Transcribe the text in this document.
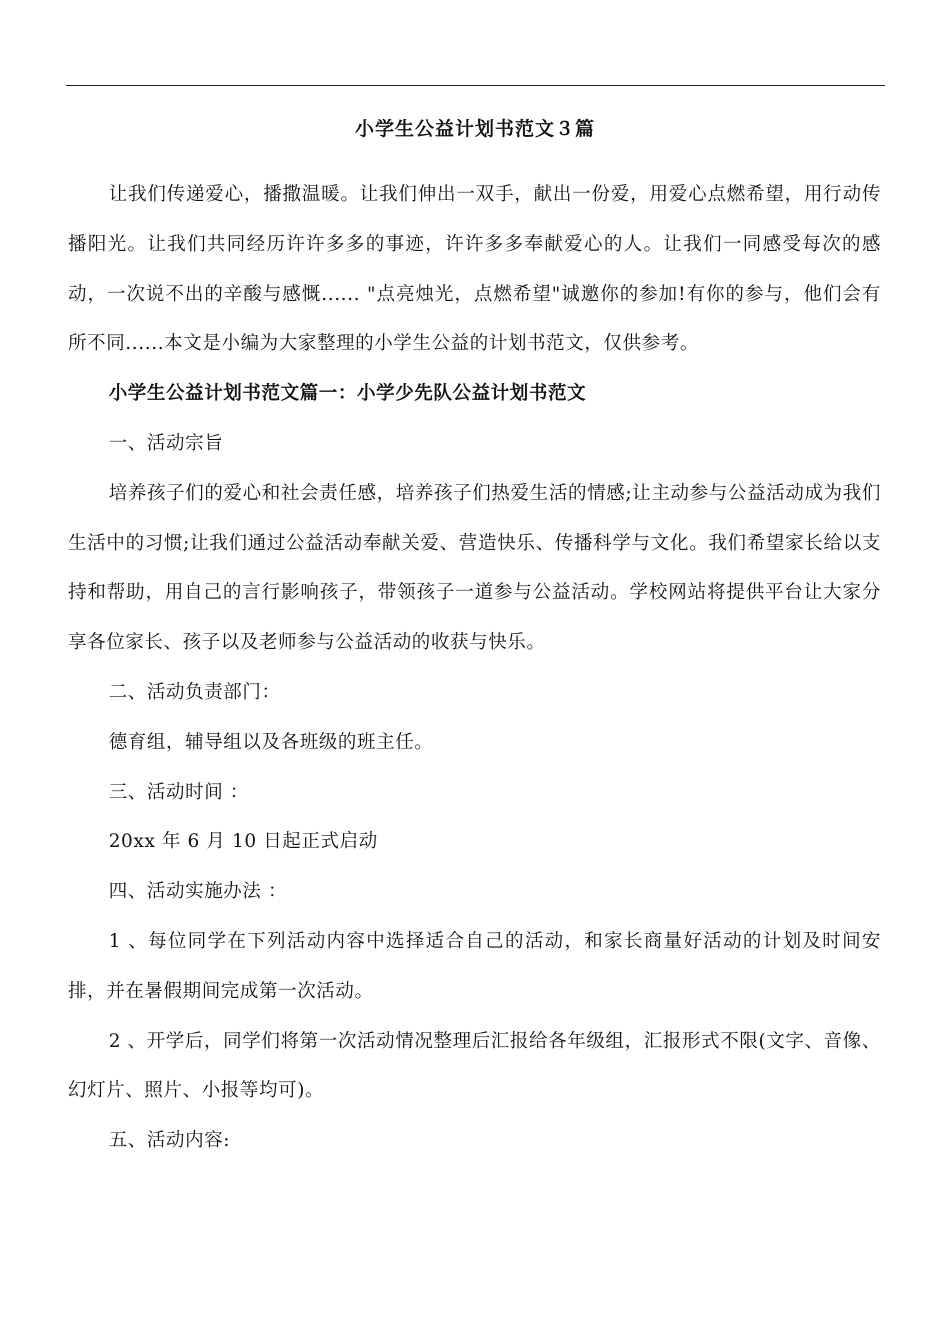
小学生公益计划书范文３篇

让我们传递爱心，播撒温暖。让我们伸出一双手，献出一份爱，用爱心点燃希望，用行动传播阳光。让我们共同经历许许多多的事迹，许许多多奉献爱心的人。让我们一同感受每次的感动，一次说不出的辛酸与感慨...... "点亮烛光，点燃希望"诚邀你的参加!有你的参与，他们会有所不同......本文是小编为大家整理的小学生公益的计划书范文，仅供参考。

小学生公益计划书范文篇一：小学少先队公益计划书范文

一、活动宗旨

培养孩子们的爱心和社会责任感，培养孩子们热爱生活的情感;让主动参与公益活动成为我们生活中的习惯;让我们通过公益活动奉献关爱、营造快乐、传播科学与文化。我们希望家长给以支持和帮助，用自己的言行影响孩子，带领孩子一道参与公益活动。学校网站将提供平台让大家分享各位家长、孩子以及老师参与公益活动的收获与快乐。

二、活动负责部门：

德育组，辅导组以及各班级的班主任。

三、活动时间 ：

20xx 年 6 月 10 日起正式启动

四、活动实施办法 ：

1 、每位同学在下列活动内容中选择适合自己的活动，和家长商量好活动的计划及时间安排，并在暑假期间完成第一次活动。

2 、开学后，同学们将第一次活动情况整理后汇报给各年级组，汇报形式不限(文字、音像、幻灯片、照片、小报等均可)。

五、活动内容:
